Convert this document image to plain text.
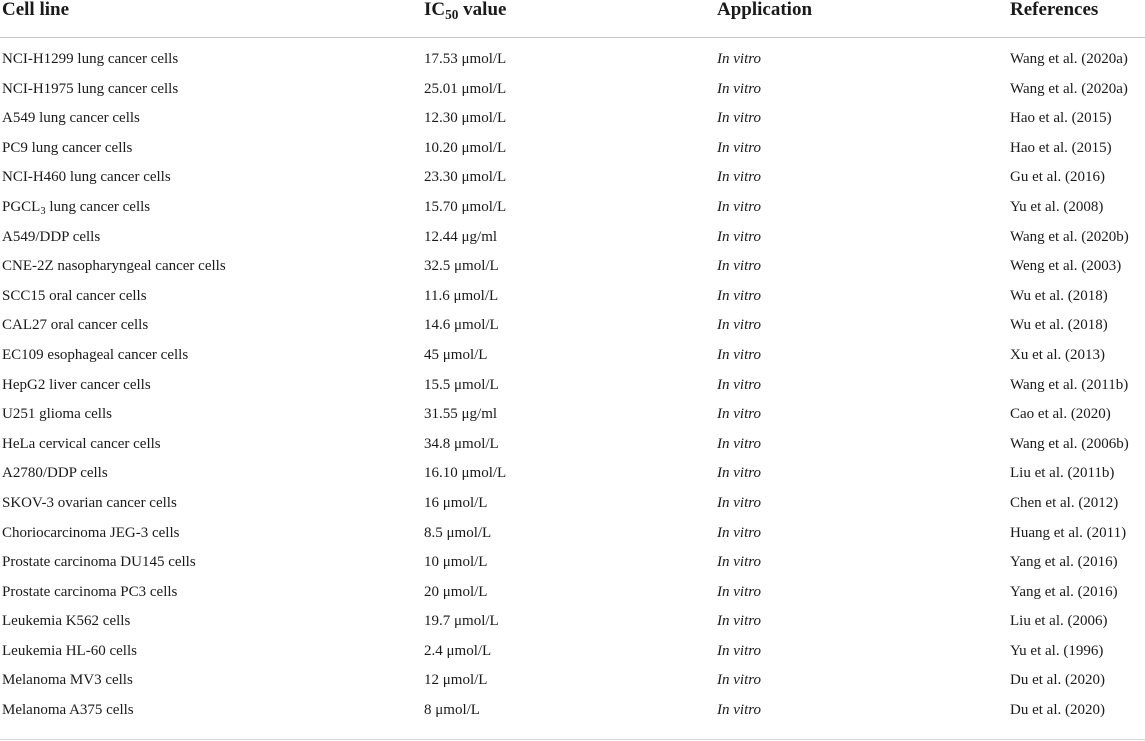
Cell line	$IC_{50}$ value	Application	References
NCI-H1299 lung cancer cells	17.53 μmol/L	In vitro	Wang et al. (2020a)
NCI-H1975 lung cancer cells	25.01 μmol/L	In vitro	Wang et al. (2020a)
A549 lung cancer cells	12.30 μmol/L	In vitro	Hao et al. (2015)
PC9 lung cancer cells	10.20 μmol/L	In vitro	Hao et al. (2015)
NCI-H460 lung cancer cells	23.30 μmol/L	In vitro	Gu et al. (2016)
$PGCL_3$ lung cancer cells	15.70 μmol/L	In vitro	Yu et al. (2008)
A549/DDP cells	12.44 μg/ml	In vitro	Wang et al. (2020b)
CNE-2Z nasopharyngeal cancer cells	32.5 μmol/L	In vitro	Weng et al. (2003)
SCC15 oral cancer cells	11.6 μmol/L	In vitro	Wu et al. (2018)
CAL27 oral cancer cells	14.6 μmol/L	In vitro	Wu et al. (2018)
EC109 esophageal cancer cells	45 μmol/L	In vitro	Xu et al. (2013)
HepG2 liver cancer cells	15.5 μmol/L	In vitro	Wang et al. (2011b)
U251 glioma cells	31.55 μg/ml	In vitro	Cao et al. (2020)
HeLa cervical cancer cells	34.8 μmol/L	In vitro	Wang et al. (2006b)
A2780/DDP cells	16.10 μmol/L	In vitro	Liu et al. (2011b)
SKOV-3 ovarian cancer cells	16 μmol/L	In vitro	Chen et al. (2012)
Choriocarcinoma JEG-3 cells	8.5 μmol/L	In vitro	Huang et al. (2011)
Prostate carcinoma DU145 cells	10 μmol/L	In vitro	Yang et al. (2016)
Prostate carcinoma PC3 cells	20 μmol/L	In vitro	Yang et al. (2016)
Leukemia K562 cells	19.7 μmol/L	In vitro	Liu et al. (2006)
Leukemia HL-60 cells	2.4 μmol/L	In vitro	Yu et al. (1996)
Melanoma MV3 cells	12 μmol/L	In vitro	Du et al. (2020)
Melanoma A375 cells	8 μmol/L	In vitro	Du et al. (2020)
